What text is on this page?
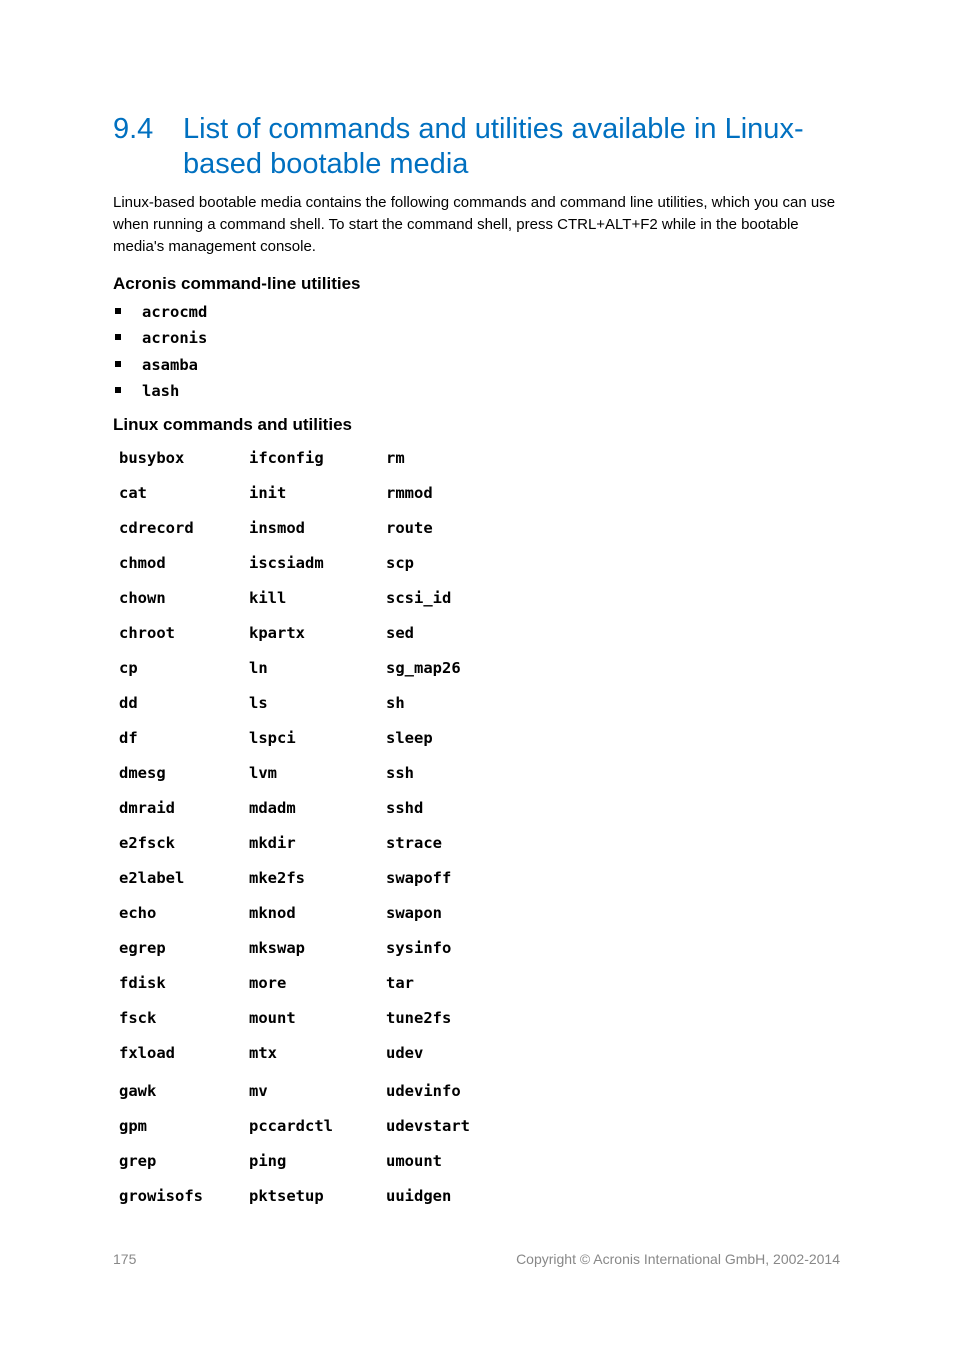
9.4 List of commands and utilities available in Linux-based bootable media
Linux-based bootable media contains the following commands and command line utilities, which you can use when running a command shell. To start the command shell, press CTRL+ALT+F2 while in the bootable media's management console.
Acronis command-line utilities
acrocmd
acronis
asamba
lash
Linux commands and utilities
busybox	ifconfig	rm
cat	init	rmmod
cdrecord	insmod	route
chmod	iscsiadm	scp
chown	kill	scsi_id
chroot	kpartx	sed
cp	ln	sg_map26
dd	ls	sh
df	lspci	sleep
dmesg	lvm	ssh
dmraid	mdadm	sshd
e2fsck	mkdir	strace
e2label	mke2fs	swapoff
echo	mknod	swapon
egrep	mkswap	sysinfo
fdisk	more	tar
fsck	mount	tune2fs
fxload	mtx	udev
gawk	mv	udevinfo
gpm	pccardctl	udevstart
grep	ping	umount
growisofs	pktsetup	uuidgen
175	Copyright © Acronis International GmbH, 2002-2014
